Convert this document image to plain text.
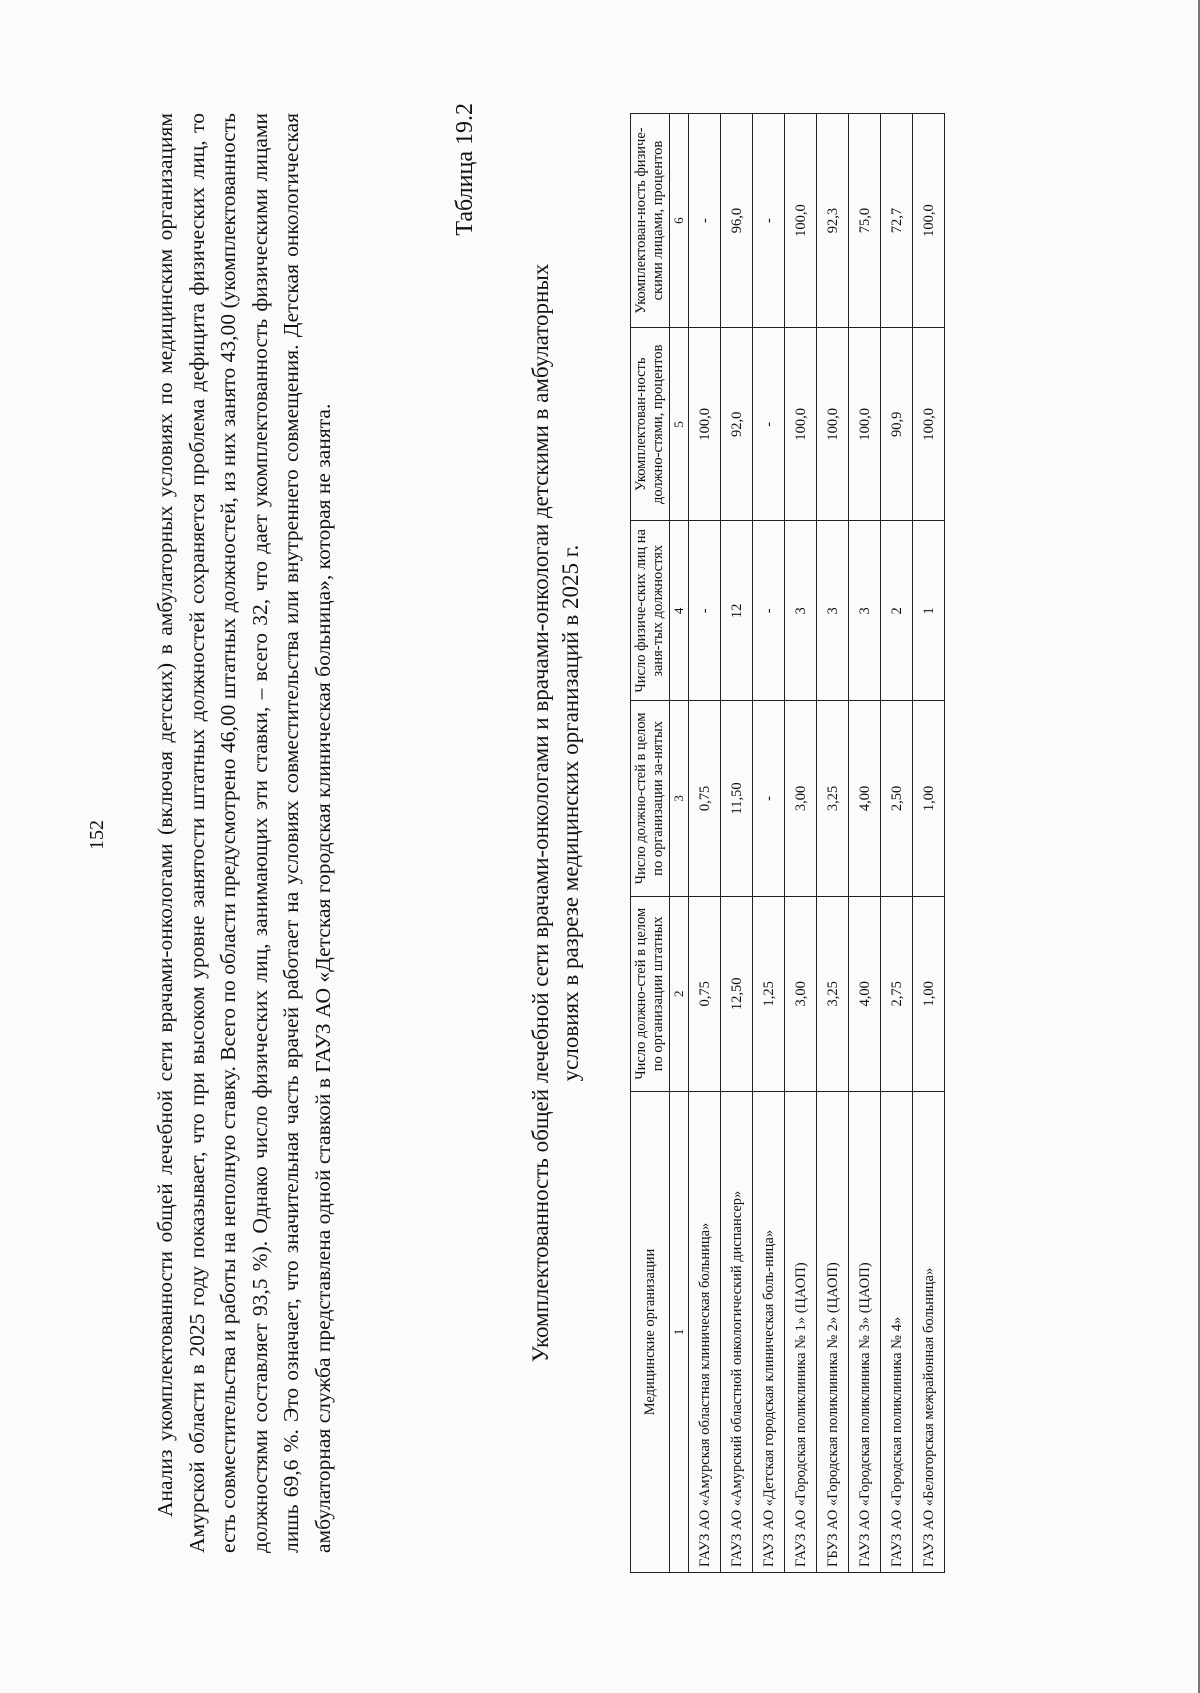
152 Анализ укомплектованности общей лечебной сети врачами-онкологами (включая детских) в амбулаторных условиях по медицинским организациям Амурской области в 2025 году показывает, что при высоком уровне занятости штатных должностей сохраняется проблема дефицита физических лиц, то есть совместительства и работы на неполную ставку. Всего по области предусмотрено 46,00 штатных должностей, из них занято 43,00 (укомплектованность должностями составляет 93,5 %). Однако число физических лиц, занимающих эти ставки, – всего 32, что дает укомплектованность физическими лицами лишь 69,6 %. Это означает, что значительная часть врачей работает на условиях совместительства или внутреннего совмещения. Детская онкологическая амбулаторная служба представлена одной ставкой в ГАУЗ АО «Детская городская клиническая больница», которая не занята.

Таблица 19.2
Укомплектованность общей лечебной сети врачами-онкологами и врачами-онкологаи детскими в амбулаторных условиях в разрезе медицинских организаций в 2025 г.
Медицинские организации	Число должно-стей в целом по организации штатных	Число должно-стей в целом по организации за-нятых	Число физиче-ских лиц на заня-тых должностях	Укомплектован-ность должно-стями, процентов	Укомплектован-ность физиче-скими лицами, процентов
1	2	3	4	5	6
ГАУЗ АО «Амурская областная клиническая больница»	0,75	0,75	-	100,0	-
ГАУЗ АО «Амурский областной онкологический диспансер»	12,50	11,50	12	92,0	96,0
ГАУЗ АО «Детская городская клиническая боль-ница»	1,25	-	-	-	-
ГАУЗ АО «Городская поликлиника № 1» (ЦАОП)	3,00	3,00	3	100,0	100,0
ГБУЗ АО «Городская поликлиника № 2» (ЦАОП)	3,25	3,25	3	100,0	92,3
ГАУЗ АО «Городская поликлиника № 3» (ЦАОП)	4,00	4,00	3	100,0	75,0
ГАУЗ АО «Городская поликлиника № 4»	2,75	2,50	2	90,9	72,7
ГАУЗ АО «Белогорская межрайонная больница»	1,00	1,00	1	100,0	100,0
